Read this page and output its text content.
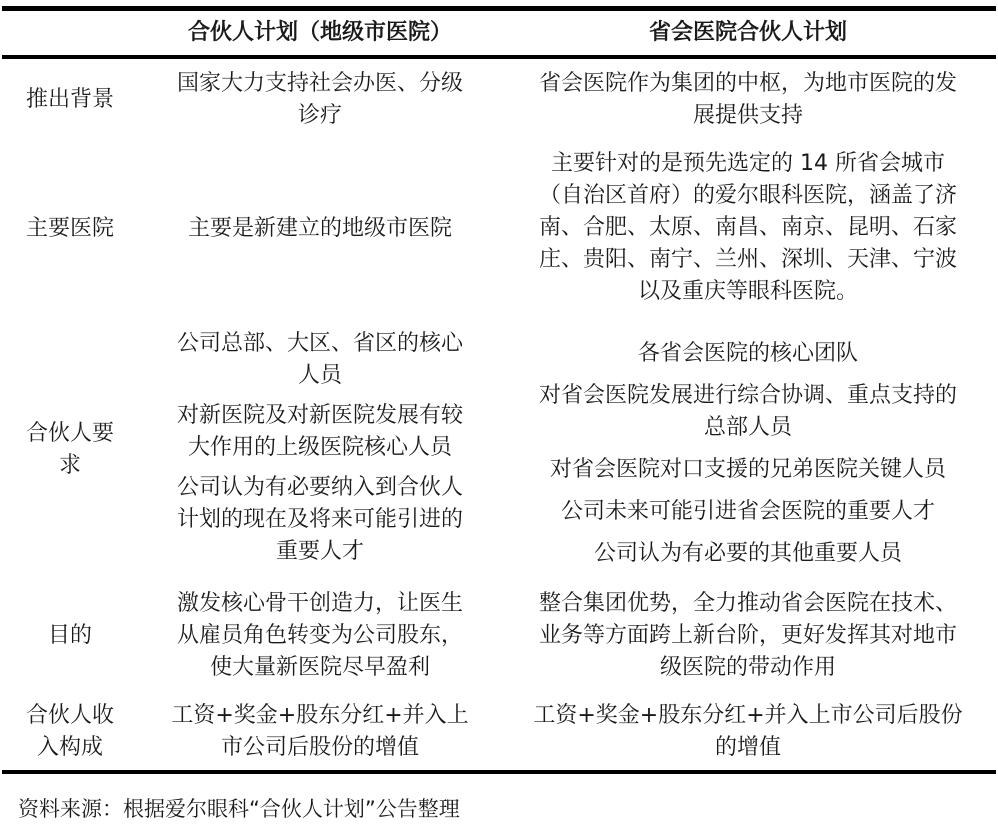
合伙人计划（地级市医院）	省会医院合伙人计划
推出背景
国家大力支持社会办医、分级
诊疗
省会医院作为集团的中枢，为地市医院的发
展提供支持
主要医院	主要是新建立的地级市医院
主要针对的是预先选定的 14 所省会城市
（自治区首府）的爱尔眼科医院，涵盖了济
南、合肥、太原、南昌、南京、昆明、石家
庄、贵阳、南宁、兰州、深圳、天津、宁波
以及重庆等眼科医院。
合伙人要
求
公司总部、大区、省区的核心
人员
对新医院及对新医院发展有较
大作用的上级医院核心人员
公司认为有必要纳入到合伙人
计划的现在及将来可能引进的
重要人才
各省会医院的核心团队
对省会医院发展进行综合协调、重点支持的
总部人员
对省会医院对口支援的兄弟医院关键人员
公司未来可能引进省会医院的重要人才
公司认为有必要的其他重要人员
目的
激发核心骨干创造力，让医生
从雇员角色转变为公司股东，
使大量新医院尽早盈利
整合集团优势，全力推动省会医院在技术、
业务等方面跨上新台阶，更好发挥其对地市
级医院的带动作用
合伙人收
入构成
工资+奖金+股东分红+并入上
市公司后股份的增值
工资+奖金+股东分红+并入上市公司后股份
的增值
资料来源：根据爱尔眼科“合伙人计划”公告整理
